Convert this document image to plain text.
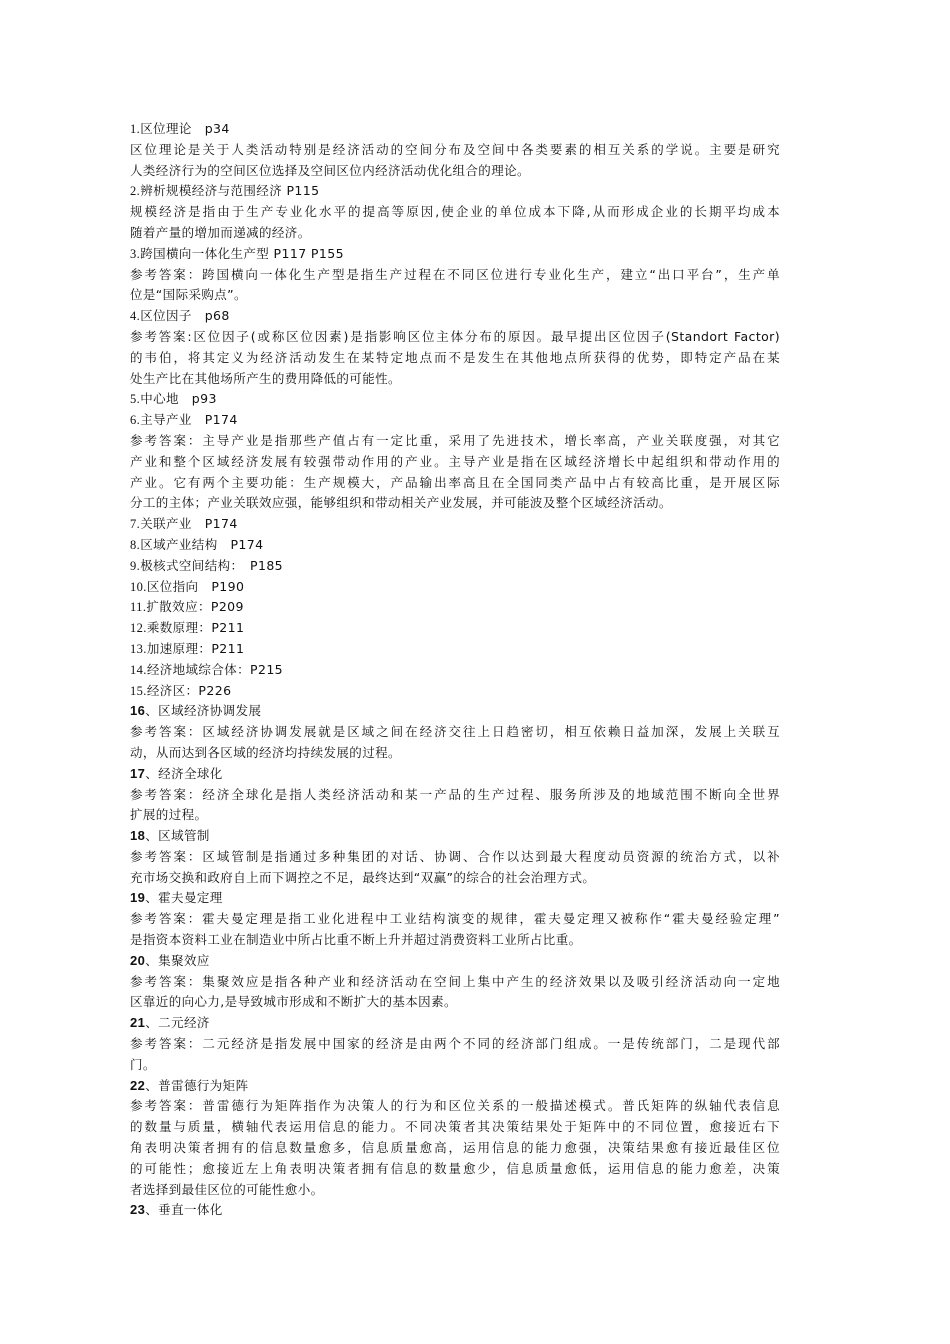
1.区位理论　p34
区位理论是关于人类活动特别是经济活动的空间分布及空间中各类要素的相互关系的学说。主要是研究
人类经济行为的空间区位选择及空间区位内经济活动优化组合的理论。
2.辨析规模经济与范围经济 P115
规模经济是指由于生产专业化水平的提高等原因,使企业的单位成本下降,从而形成企业的长期平均成本
随着产量的增加而递减的经济。
3.跨国横向一体化生产型 P117 P155
参考答案：跨国横向一体化生产型是指生产过程在不同区位进行专业化生产，建立“出口平台”，生产单
位是“国际采购点”。
4.区位因子　p68
参考答案:区位因子(或称区位因素)是指影响区位主体分布的原因。最早提出区位因子(Standort Factor)
的韦伯，将其定义为经济活动发生在某特定地点而不是发生在其他地点所获得的优势，即特定产品在某
处生产比在其他场所产生的费用降低的可能性。
5.中心地　p93
6.主导产业　P174
参考答案：主导产业是指那些产值占有一定比重，采用了先进技术，增长率高，产业关联度强，对其它
产业和整个区域经济发展有较强带动作用的产业。主导产业是指在区域经济增长中起组织和带动作用的
产业。它有两个主要功能：生产规模大，产品输出率高且在全国同类产品中占有较高比重，是开展区际
分工的主体；产业关联效应强，能够组织和带动相关产业发展，并可能波及整个区域经济活动。
7.关联产业　P174
8.区域产业结构　P174
9.极核式空间结构：　P185
10.区位指向　P190
11.扩散效应：P209
12.乘数原理：P211
13.加速原理：P211
14.经济地域综合体：P215
15.经济区：P226
16、区域经济协调发展
参考答案：区域经济协调发展就是区域之间在经济交往上日趋密切，相互依赖日益加深，发展上关联互
动，从而达到各区域的经济均持续发展的过程。
17、经济全球化
参考答案：经济全球化是指人类经济活动和某一产品的生产过程、服务所涉及的地域范围不断向全世界
扩展的过程。
18、区域管制
参考答案：区域管制是指通过多种集团的对话、协调、合作以达到最大程度动员资源的统治方式，以补
充市场交换和政府自上而下调控之不足，最终达到“双赢”的综合的社会治理方式。
19、霍夫曼定理
参考答案：霍夫曼定理是指工业化进程中工业结构演变的规律，霍夫曼定理又被称作“霍夫曼经验定理”
是指资本资料工业在制造业中所占比重不断上升并超过消费资料工业所占比重。
20、集聚效应
参考答案：集聚效应是指各种产业和经济活动在空间上集中产生的经济效果以及吸引经济活动向一定地
区靠近的向心力,是导致城市形成和不断扩大的基本因素。
21、二元经济
参考答案：二元经济是指发展中国家的经济是由两个不同的经济部门组成。一是传统部门，二是现代部
门。
22、普雷德行为矩阵
参考答案：普雷德行为矩阵指作为决策人的行为和区位关系的一般描述模式。普氏矩阵的纵轴代表信息
的数量与质量，横轴代表运用信息的能力。不同决策者其决策结果处于矩阵中的不同位置，愈接近右下
角表明决策者拥有的信息数量愈多，信息质量愈高，运用信息的能力愈强，决策结果愈有接近最佳区位
的可能性；愈接近左上角表明决策者拥有信息的数量愈少，信息质量愈低，运用信息的能力愈差，决策
者选择到最佳区位的可能性愈小。
23、垂直一体化
